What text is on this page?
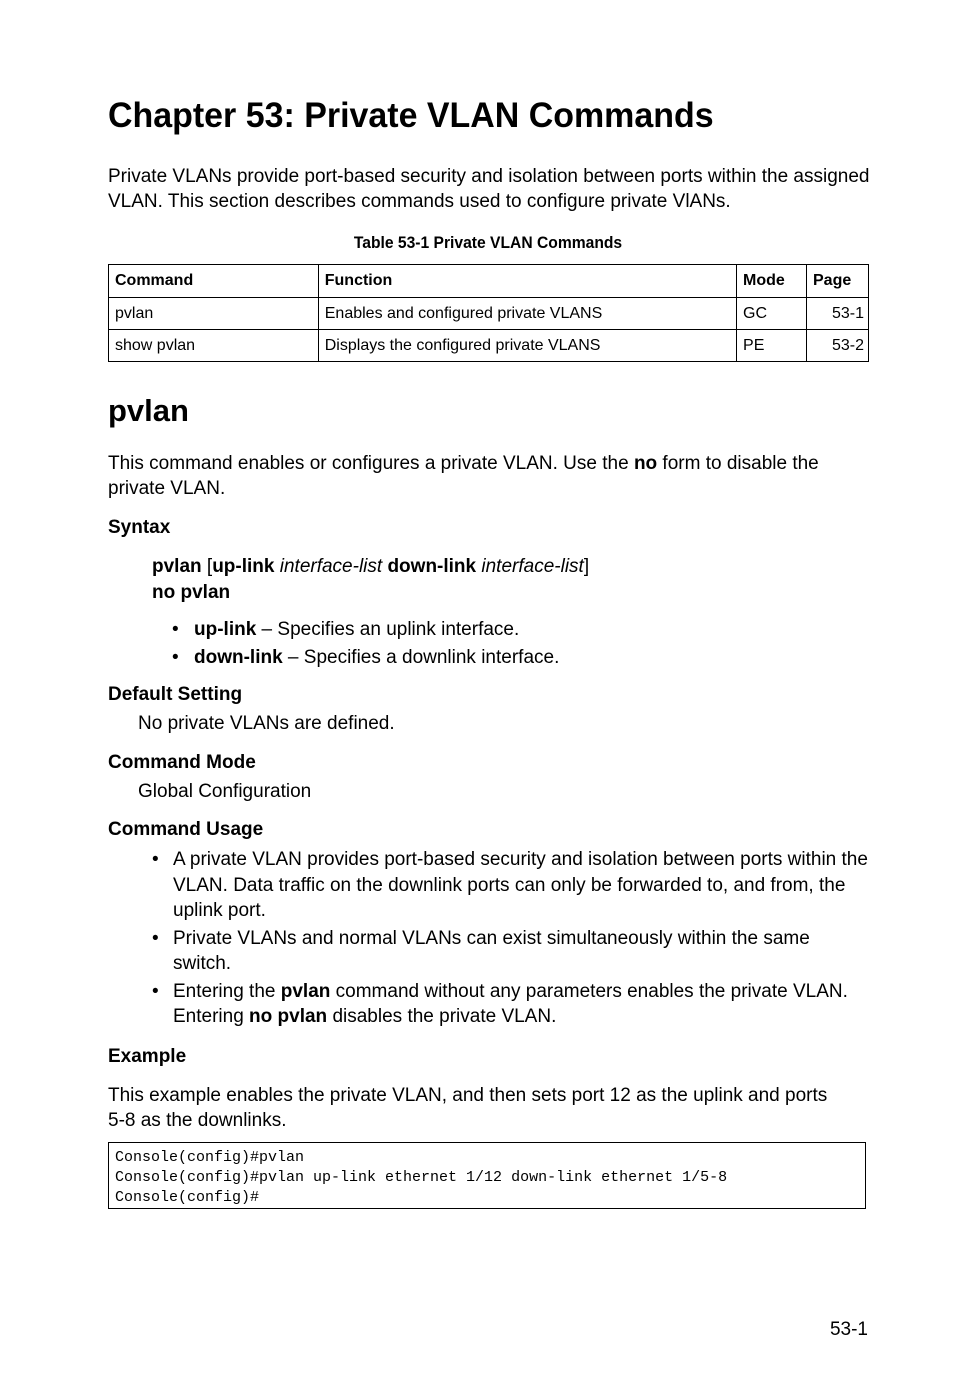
Chapter 53: Private VLAN Commands

Private VLANs provide port-based security and isolation between ports within the assigned VLAN. This section describes commands used to configure private VlANs.

Table 53-1 Private VLAN Commands
Command	Function	Mode	Page
pvlan	Enables and configured private VLANS	GC	53-1
show pvlan	Displays the configured private VLANS	PE	53-2
pvlan

This command enables or configures a private VLAN. Use the no form to disable the private VLAN.

Syntax
pvlan [up-link interface-list down-link interface-list]
no pvlan
• up-link – Specifies an uplink interface.
• down-link – Specifies a downlink interface.
Default Setting
No private VLANs are defined.
Command Mode
Global Configuration
Command Usage
• A private VLAN provides port-based security and isolation between ports within the VLAN. Data traffic on the downlink ports can only be forwarded to, and from, the uplink port.
• Private VLANs and normal VLANs can exist simultaneously within the same switch.
• Entering the pvlan command without any parameters enables the private VLAN. Entering no pvlan disables the private VLAN.
Example

This example enables the private VLAN, and then sets port 12 as the uplink and ports 5-8 as the downlinks.

Console(config)#pvlan
Console(config)#pvlan up-link ethernet 1/12 down-link ethernet 1/5-8
Console(config)#
53-1
